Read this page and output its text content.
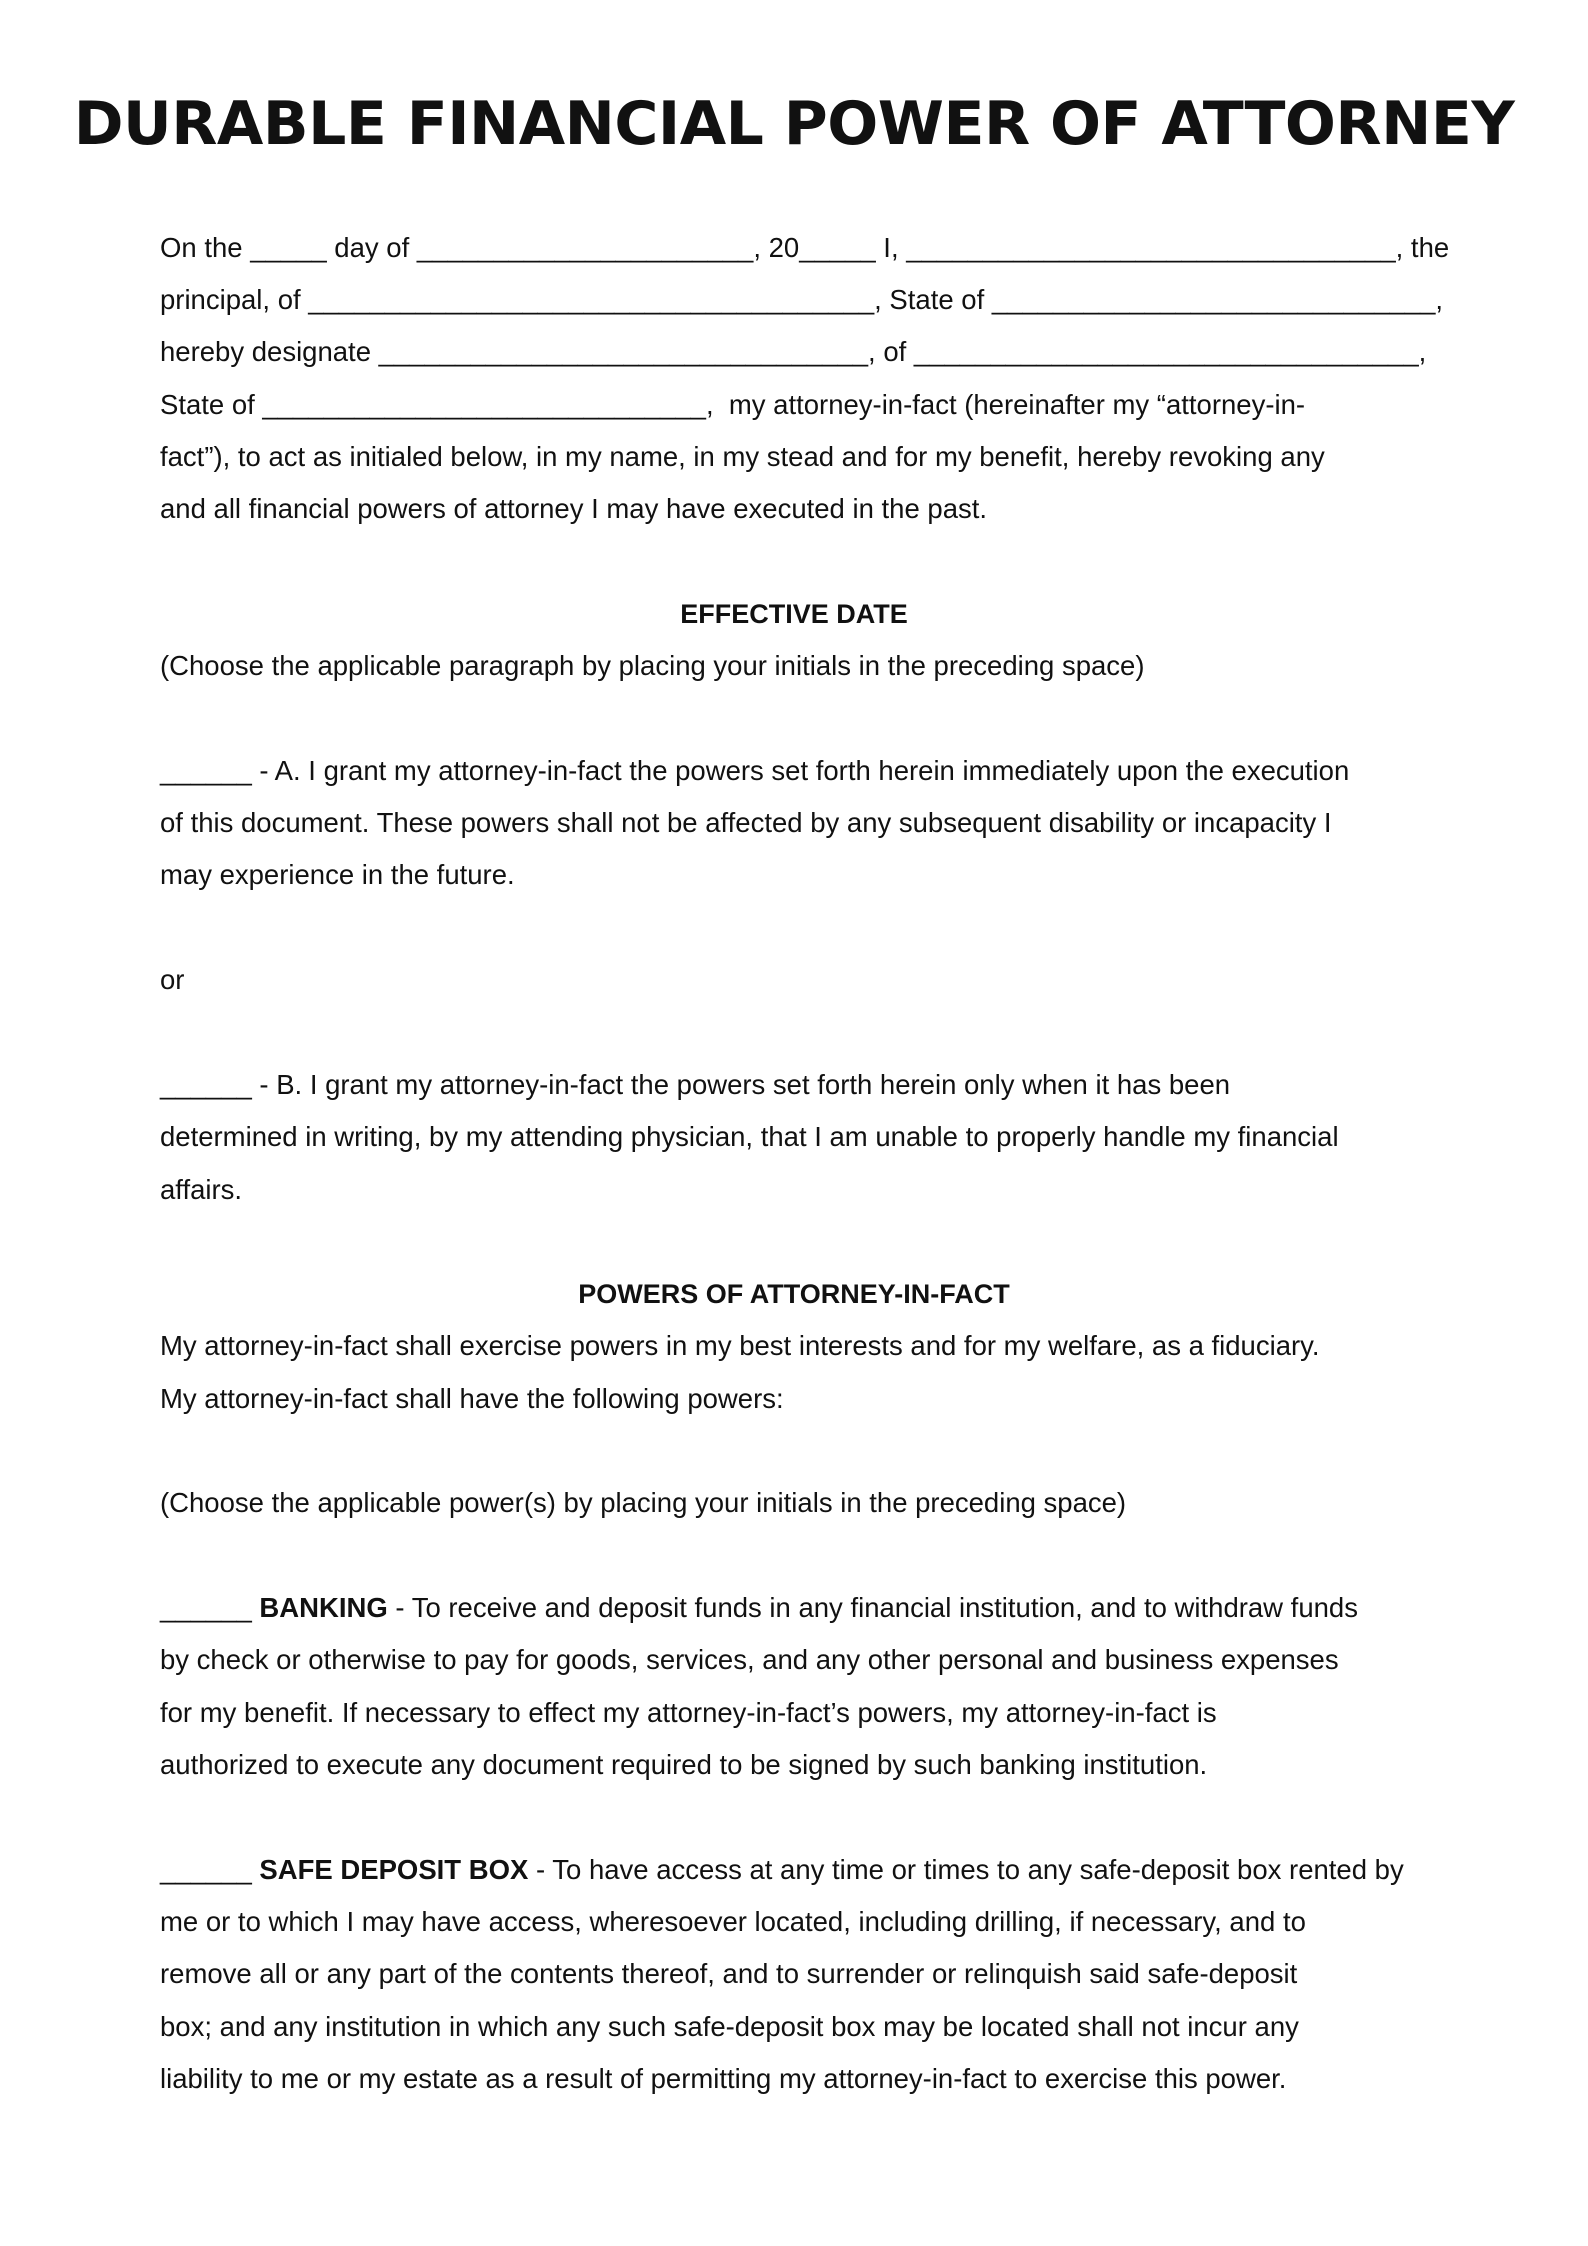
DURABLE FINANCIAL POWER OF ATTORNEY

On the _____ day of ______________________, 20_____ I, ________________________________, the

principal, of _____________________________________, State of _____________________________,

hereby designate ________________________________, of _________________________________,

State of _____________________________,  my attorney-in-fact (hereinafter my “attorney-in-

fact”), to act as initialed below, in my name, in my stead and for my benefit, hereby revoking any

and all financial powers of attorney I may have executed in the past.

EFFECTIVE DATE

(Choose the applicable paragraph by placing your initials in the preceding space)

______ - A. I grant my attorney-in-fact the powers set forth herein immediately upon the execution

of this document. These powers shall not be affected by any subsequent disability or incapacity I

may experience in the future.

or

______ - B. I grant my attorney-in-fact the powers set forth herein only when it has been

determined in writing, by my attending physician, that I am unable to properly handle my financial

affairs.

POWERS OF ATTORNEY-IN-FACT

My attorney-in-fact shall exercise powers in my best interests and for my welfare, as a fiduciary.

My attorney-in-fact shall have the following powers:

(Choose the applicable power(s) by placing your initials in the preceding space)

______ BANKING - To receive and deposit funds in any financial institution, and to withdraw funds

by check or otherwise to pay for goods, services, and any other personal and business expenses

for my benefit. If necessary to effect my attorney-in-fact’s powers, my attorney-in-fact is

authorized to execute any document required to be signed by such banking institution.

______ SAFE DEPOSIT BOX - To have access at any time or times to any safe-deposit box rented by

me or to which I may have access, wheresoever located, including drilling, if necessary, and to

remove all or any part of the contents thereof, and to surrender or relinquish said safe-deposit

box; and any institution in which any such safe-deposit box may be located shall not incur any

liability to me or my estate as a result of permitting my attorney-in-fact to exercise this power.
